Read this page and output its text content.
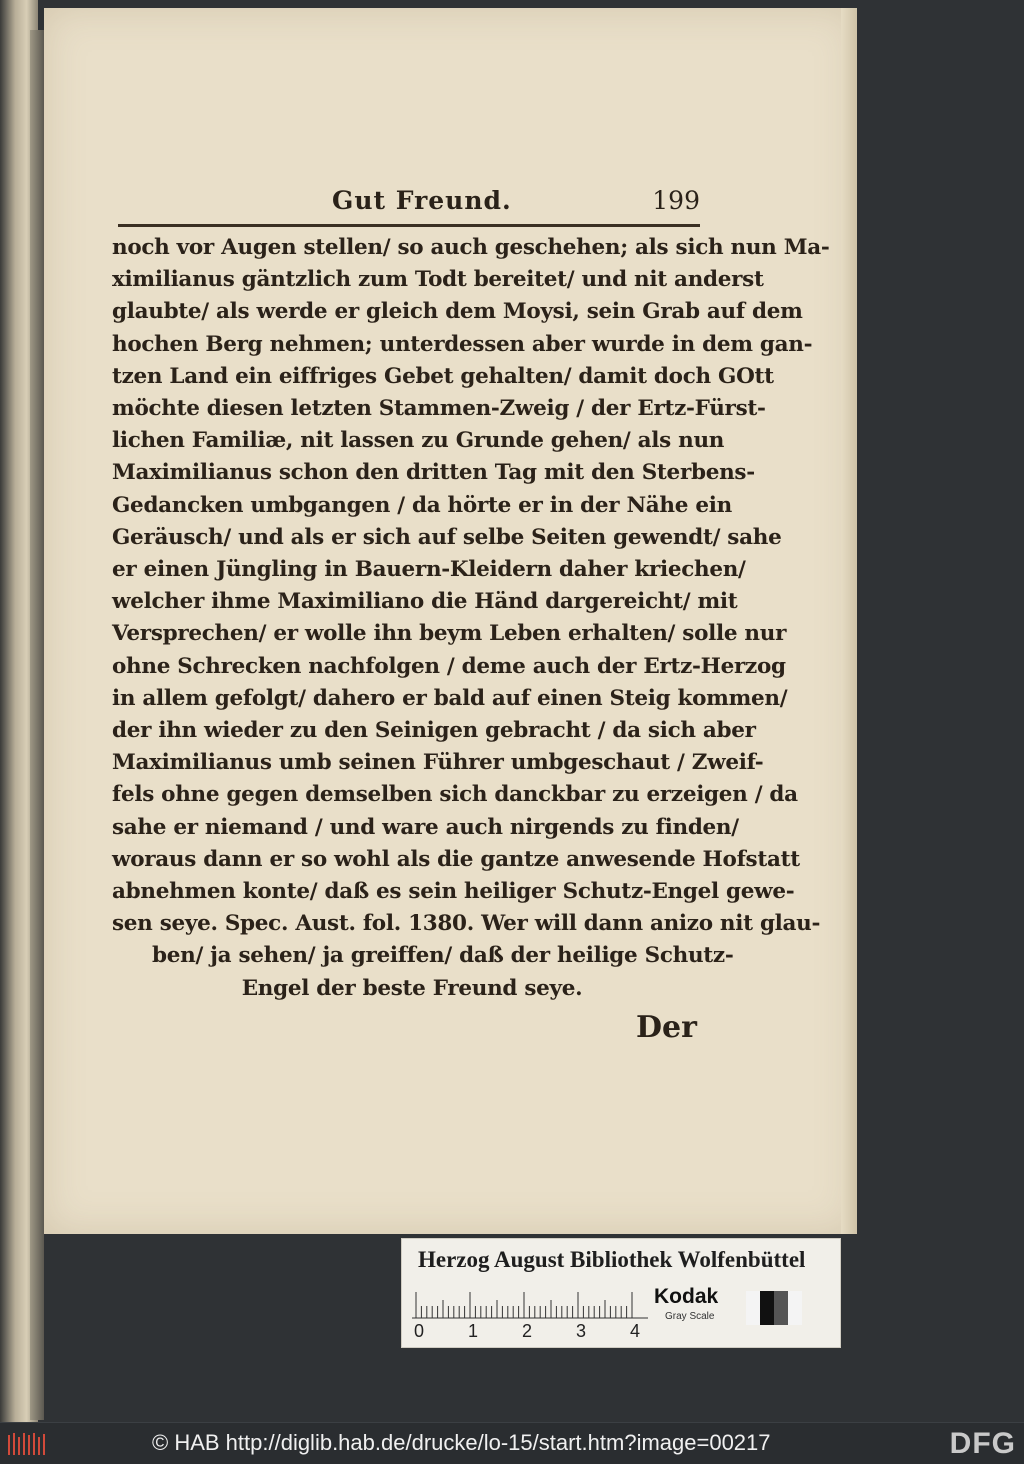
Gut Freund.	199
noch vor Augen stellen/ so auch geschehen; als sich nun Ma-
ximilianus gäntzlich zum Todt bereitet/ und nit anderst
glaubte/ als werde er gleich dem Moysi, sein Grab auf dem
hochen Berg nehmen; unterdessen aber wurde in dem gan-
tzen Land ein eiffriges Gebet gehalten/ damit doch GOtt
möchte diesen letzten Stammen-Zweig / der Ertz-Fürst-
lichen Familiæ, nit lassen zu Grunde gehen/ als nun
Maximilianus schon den dritten Tag mit den Sterbens-
Gedancken umbgangen / da hörte er in der Nähe ein
Geräusch/ und als er sich auf selbe Seiten gewendt/ sahe
er einen Jüngling in Bauern-Kleidern daher kriechen/
welcher ihme Maximiliano die Händ dargereicht/ mit
Versprechen/ er wolle ihn beym Leben erhalten/ solle nur
ohne Schrecken nachfolgen / deme auch der Ertz-Herzog
in allem gefolgt/ dahero er bald auf einen Steig kommen/
der ihn wieder zu den Seinigen gebracht / da sich aber
Maximilianus umb seinen Führer umbgeschaut / Zweif-
fels ohne gegen demselben sich danckbar zu erzeigen / da
sahe er niemand / und ware auch nirgends zu finden/
woraus dann er so wohl als die gantze anwesende Hofstatt
abnehmen konte/ daß es sein heiliger Schutz-Engel gewe-
sen seye. Spec. Aust. fol. 1380. Wer will dann anizo nit glau-
ben/ ja sehen/ ja greiffen/ daß der heilige Schutz-
Engel der beste Freund seye.
Der
Herzog August Bibliothek Wolfenbüttel
0 1 2 3 4
Kodak
Gray Scale
© HAB http://diglib.hab.de/drucke/lo-15/start.htm?image=00217	DFG
